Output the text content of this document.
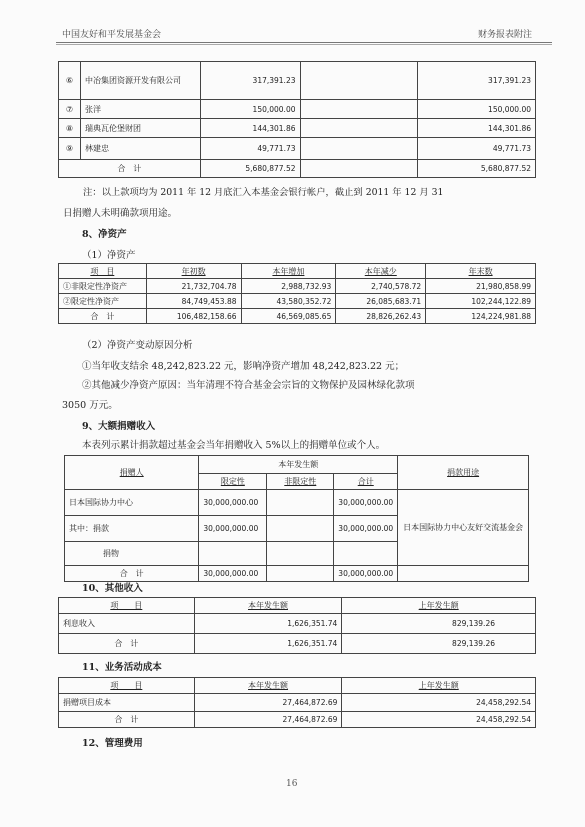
中国友好和平发展基金会	财务报表附注
⑥	中冶集团资源开发有限公司	317,391.23		317,391.23
⑦	张洋	150,000.00		150,000.00
⑧	瑞典瓦伦堡财团	144,301.86		144,301.86
⑨	林建忠	49,771.73		49,771.73
合　计		5,680,877.52		5,680,877.52
注：以上款项均为 2011 年 12 月底汇入本基金会银行帐户，截止到 2011 年 12 月 31
日捐赠人未明确款项用途。
8、净资产
（1）净资产
项　目	年初数	本年增加	本年减少	年末数
①非限定性净资产	21,732,704.78	2,988,732.93	2,740,578.72	21,980,858.99
②限定性净资产	84,749,453.88	43,580,352.72	26,085,683.71	102,244,122.89
合　计	106,482,158.66	46,569,085.65	28,826,262.43	124,224,981.88
（2）净资产变动原因分析
①当年收支结余 48,242,823.22 元，影响净资产增加 48,242,823.22 元；
②其他减少净资产原因：当年清理不符合基金会宗旨的文物保护及园林绿化款项
3050 万元。
9、大额捐赠收入
本表列示累计捐款超过基金会当年捐赠收入 5%以上的捐赠单位或个人。
捐赠人	本年发生额			捐款用途
	限定性	非限定性	合计	
日本国际协力中心	30,000,000.00		30,000,000.00	日本国际协力中心友好交流基金会
其中：捐款	30,000,000.00		30,000,000.00	
捐物				
合　计	30,000,000.00		30,000,000.00	
10、其他收入
项　　目	本年发生额	上年发生额
利息收入	1,626,351.74	829,139.26
合　计	1,626,351.74	829,139.26
11、业务活动成本
项　　目	本年发生额	上年发生额
捐赠项目成本	27,464,872.69	24,458,292.54
合　计	27,464,872.69	24,458,292.54
12、管理费用
16
